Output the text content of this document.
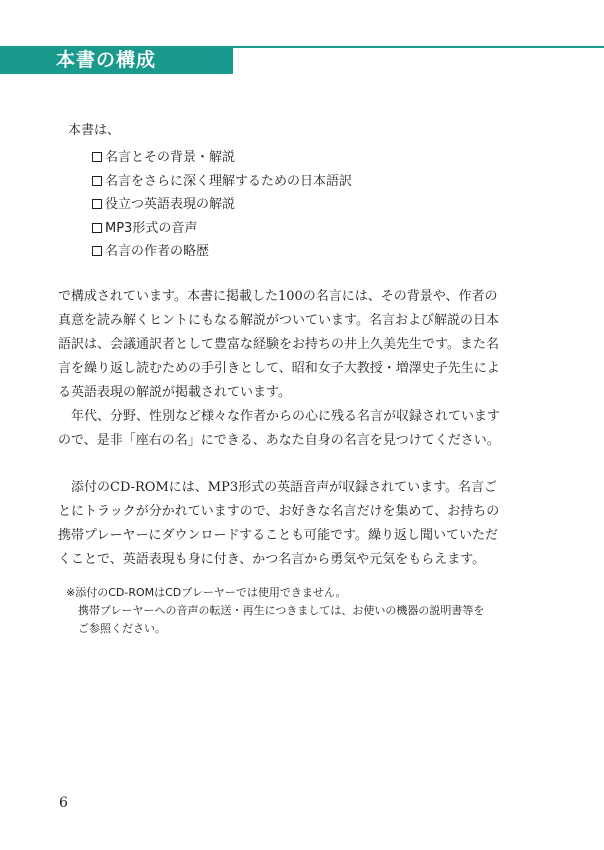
本書の構成
本書は、
名言とその背景・解説
名言をさらに深く理解するための日本語訳
役立つ英語表現の解説
MP3形式の音声
名言の作者の略歴
で構成されています。本書に掲載した100の名言には、その背景や、作者の
真意を読み解くヒントにもなる解説がついています。名言および解説の日本
語訳は、会議通訳者として豊富な経験をお持ちの井上久美先生です。また名
言を繰り返し読むための手引きとして、昭和女子大教授・増澤史子先生によ
る英語表現の解説が掲載されています。
　年代、分野、性別など様々な作者からの心に残る名言が収録されています
ので、是非「座右の名」にできる、あなた自身の名言を見つけてください。
　添付のCD-ROMには、MP3形式の英語音声が収録されています。名言ご
とにトラックが分かれていますので、お好きな名言だけを集めて、お持ちの
携帯プレーヤーにダウンロードすることも可能です。繰り返し聞いていただ
くことで、英語表現も身に付き、かつ名言から勇気や元気をもらえます。
※添付のCD-ROMはCDプレーヤーでは使用できません。
携帯プレーヤーへの音声の転送・再生につきましては、お使いの機器の説明書等を
ご参照ください。
6
